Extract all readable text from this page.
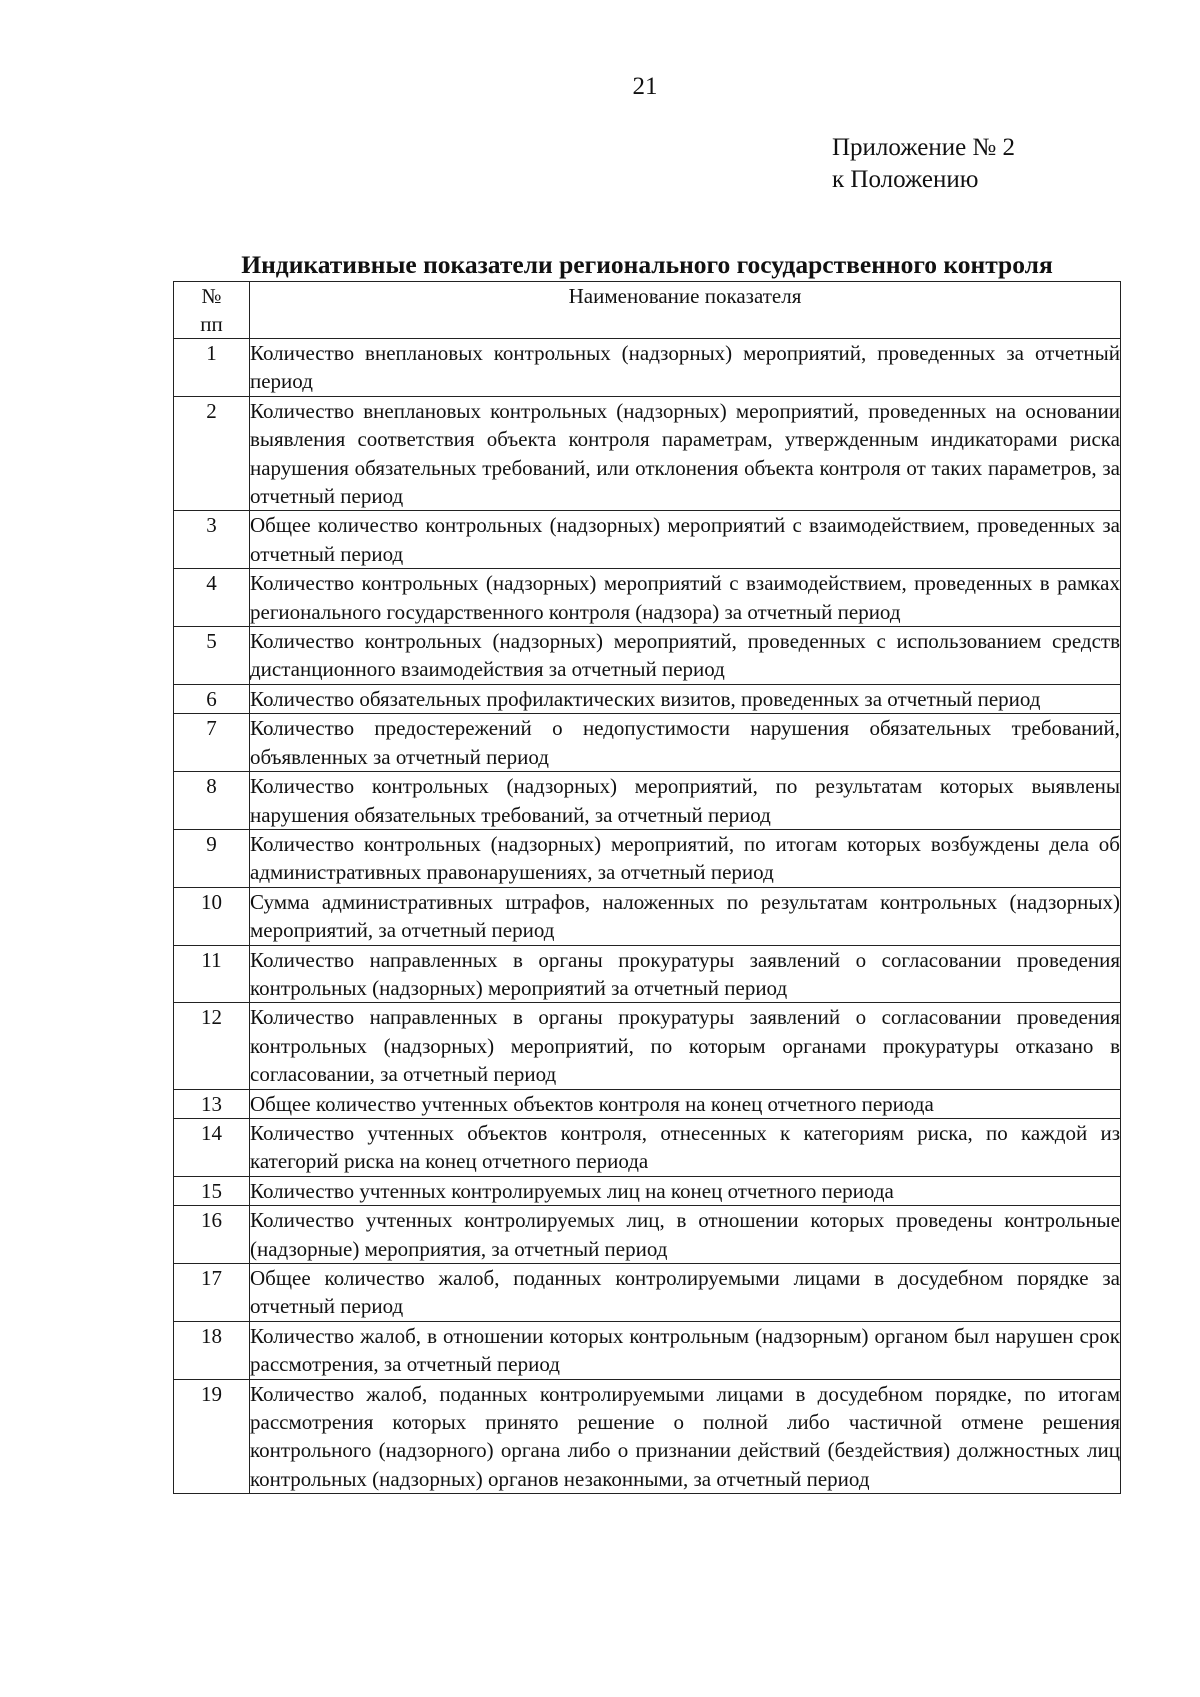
21
Приложение № 2
к Положению
Индикативные показатели регионального государственного контроля
№
пп	Наименование показателя
1	Количество внеплановых контрольных (надзорных) мероприятий, проведенных за отчетный период
2	Количество внеплановых контрольных (надзорных) мероприятий, проведенных на основании выявления соответствия объекта контроля параметрам, утвержденным индикаторами риска нарушения обязательных требований, или отклонения объекта контроля от таких параметров, за отчетный период
3	Общее количество контрольных (надзорных) мероприятий с взаимодействием, проведенных за отчетный период
4	Количество контрольных (надзорных) мероприятий с взаимодействием, проведенных в рамках регионального государственного контроля (надзора) за отчетный период
5	Количество контрольных (надзорных) мероприятий, проведенных с использованием средств дистанционного взаимодействия за отчетный период
6	Количество обязательных профилактических визитов, проведенных за отчетный период
7	Количество предостережений о недопустимости нарушения обязательных требований, объявленных за отчетный период
8	Количество контрольных (надзорных) мероприятий, по результатам которых выявлены нарушения обязательных требований, за отчетный период
9	Количество контрольных (надзорных) мероприятий, по итогам которых возбуждены дела об административных правонарушениях, за отчетный период
10	Сумма административных штрафов, наложенных по результатам контрольных (надзорных) мероприятий, за отчетный период
11	Количество направленных в органы прокуратуры заявлений о согласовании проведения контрольных (надзорных) мероприятий за отчетный период
12	Количество направленных в органы прокуратуры заявлений о согласовании проведения контрольных (надзорных) мероприятий, по которым органами прокуратуры отказано в согласовании, за отчетный период
13	Общее количество учтенных объектов контроля на конец отчетного периода
14	Количество учтенных объектов контроля, отнесенных к категориям риска, по каждой из категорий риска на конец отчетного периода
15	Количество учтенных контролируемых лиц на конец отчетного периода
16	Количество учтенных контролируемых лиц, в отношении которых проведены контрольные (надзорные) мероприятия, за отчетный период
17	Общее количество жалоб, поданных контролируемыми лицами в досудебном порядке за отчетный период
18	Количество жалоб, в отношении которых контрольным (надзорным) органом был нарушен срок рассмотрения, за отчетный период
19	Количество жалоб, поданных контролируемыми лицами в досудебном порядке, по итогам рассмотрения которых принято решение о полной либо частичной отмене решения контрольного (надзорного) органа либо о признании действий (бездействия) должностных лиц контрольных (надзорных) органов незаконными, за отчетный период
